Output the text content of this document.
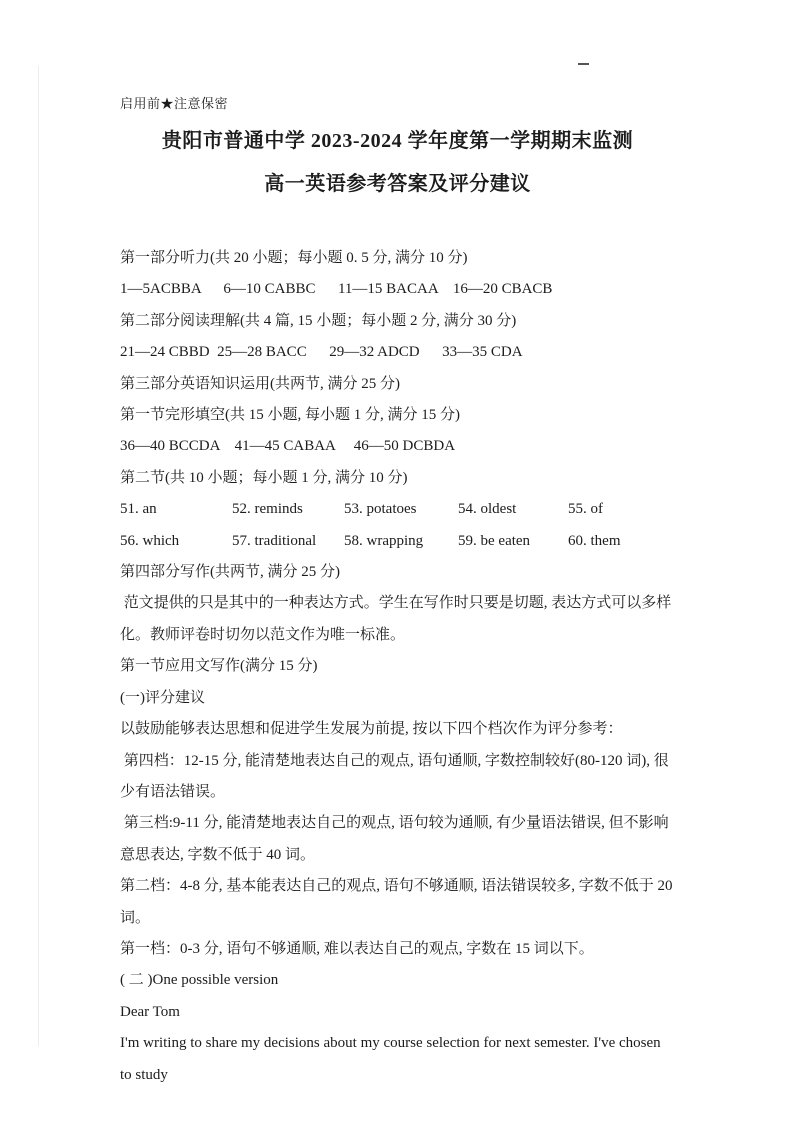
启用前★注意保密
贵阳市普通中学 2023-2024 学年度第一学期期末监测
高一英语参考答案及评分建议

第一部分听力(共 20 小题；每小题 0. 5 分, 满分 10 分)

1—5ACBBA      6—10 CABBC      11—15 BACAA    16—20 CBACB

第二部分阅读理解(共 4 篇, 15 小题；每小题 2 分, 满分 30 分)

21—24 CBBD  25—28 BACC      29—32 ADCD      33—35 CDA

第三部分英语知识运用(共两节, 满分 25 分)

第一节完形填空(共 15 小题, 每小题 1 分, 满分 15 分)

36—40 BCCDA    41—45 CABAA     46—50 DCBDA

第二节(共 10 小题；每小题 1 分, 满分 10 分)

51. an	52. reminds	53. potatoes	54. oldest	55. of
56. which	57. traditional	58. wrapping	59. be eaten	60. them

第四部分写作(共两节, 满分 25 分)

范文提供的只是其中的一种表达方式。学生在写作时只要是切题, 表达方式可以多样化。教师评卷时切勿以范文作为唯一标准。

第一节应用文写作(满分 15 分)

(一)评分建议

以鼓励能够表达思想和促进学生发展为前提, 按以下四个档次作为评分参考：

第四档：12-15 分, 能清楚地表达自己的观点, 语句通顺, 字数控制较好(80-120 词), 很少有语法错误。

第三档:9-11 分, 能清楚地表达自己的观点, 语句较为通顺, 有少量语法错误, 但不影响意思表达, 字数不低于 40 词。

第二档：4-8 分, 基本能表达自己的观点, 语句不够通顺, 语法错误较多, 字数不低于 20 词。

第一档：0-3 分, 语句不够通顺, 难以表达自己的观点, 字数在 15 词以下。

( 二 )One possible version

Dear Tom

I'm writing to share my decisions about my course selection for next semester. I've chosen to study
